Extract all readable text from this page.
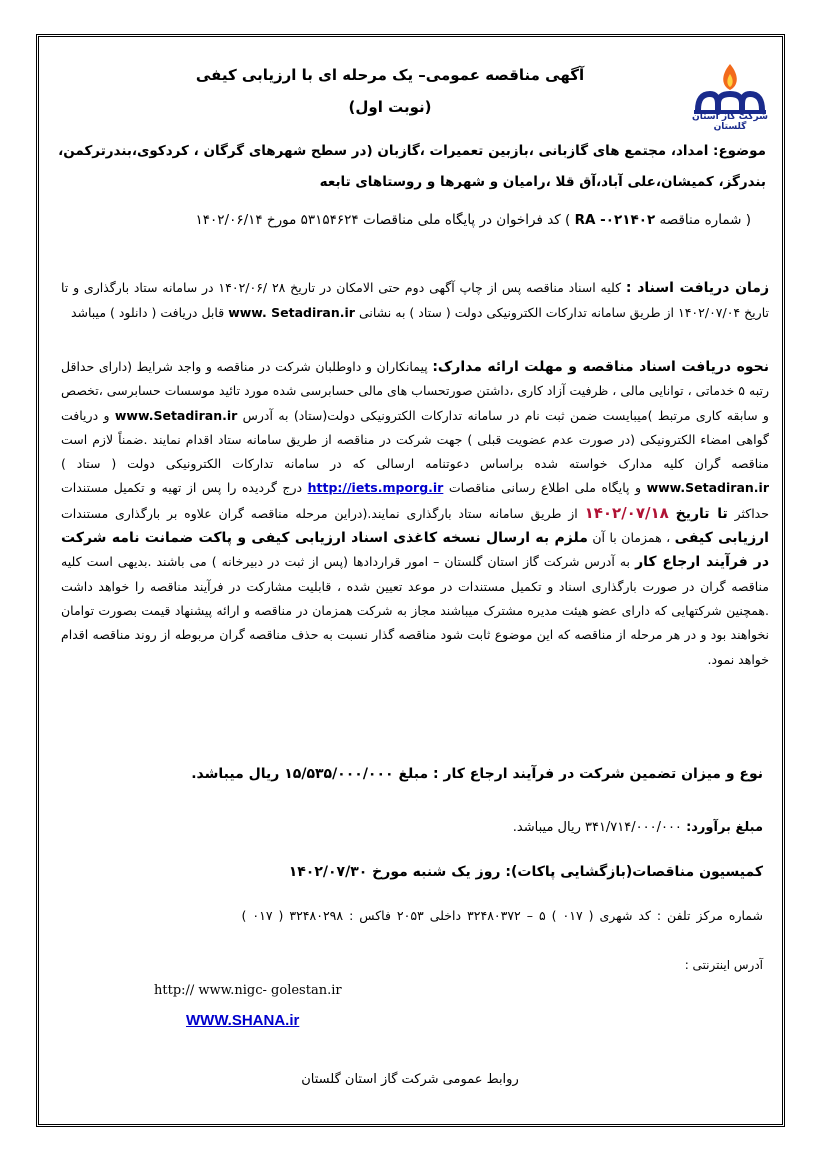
شرکت گاز استان گلستان
آگهی مناقصه عمومی– یک مرحله ای با ارزیابی کیفی
(نوبت اول)
موضوع: امداد، مجتمع های گازبانی ،بازبین تعمیرات ،گازبان (در سطح شهرهای گرگان ، کردکوی،بندرترکمن، بندرگز، کمیشان،علی آباد،آق قلا ،رامیان و شهرها و روستاهای تابعه
( شماره مناقصه RA -۰۲۱۴۰۲ ) کد فراخوان در پایگاه ملی مناقصات ۵۳۱۵۴۶۲۴ مورخ ۱۴۰۲/۰۶/۱۴
زمان دریافت اسناد : کلیه اسناد مناقصه پس از چاپ آگهی دوم حتی الامکان در تاریخ ۲۸ /۱۴۰۲/۰۶ در سامانه ستاد بارگذاری و تا تاریخ ۱۴۰۲/۰۷/۰۴ از طریق سامانه تدارکات الکترونیکی دولت ( ستاد ) به نشانی www. Setadiran.ir قابل دریافت ( دانلود ) میباشد
نحوه دریافت اسناد مناقصه و مهلت ارائه مدارک: پیمانکاران و داوطلبان شرکت در مناقصه و واجد شرایط (دارای حداقل رتبه ۵ خدماتی ، توانایی مالی ، ظرفیت آزاد کاری ،داشتن صورتحساب های مالی حسابرسی شده مورد تائید موسسات حسابرسی ،تخصص و سابقه کاری مرتبط )میبایست ضمن ثبت نام در سامانه تدارکات الکترونیکی دولت(ستاد) به آدرس www.Setadiran.ir و دریافت گواهی امضاء الکترونیکی (در صورت عدم عضویت قبلی ) جهت شرکت در مناقصه از طریق سامانه ستاد اقدام نمایند .ضمناً لازم است مناقصه گران کلیه مدارک خواسته شده براساس دعوتنامه ارسالی که در سامانه تدارکات الکترونیکی دولت ( ستاد ) www.Setadiran.ir و پایگاه ملی اطلاع رسانی مناقصات http://iets.mporg.ir درج گردیده را پس از تهیه و تکمیل مستندات حداکثر تا تاریخ ۱۴۰۲/۰۷/۱۸ از طریق سامانه ستاد بارگذاری نمایند.(دراین مرحله مناقصه گران علاوه بر بارگذاری مستندات ارزیابی کیفی ، همزمان با آن ملزم به ارسال نسخه کاغذی اسناد ارزیابی کیفی و پاکت ضمانت نامه شرکت در فرآیند ارجاع کار به آدرس شرکت گاز استان گلستان – امور قراردادها (پس از ثبت در دبیرخانه ) می باشند .بدیهی است کلیه مناقصه گران در صورت بارگذاری اسناد و تکمیل مستندات در موعد تعیین شده ، قابلیت مشارکت در فرآیند مناقصه را خواهد داشت .همچنین شرکتهایی که دارای عضو هیئت مدیره مشترک میباشند مجاز به شرکت همزمان در مناقصه و ارائه پیشنهاد قیمت بصورت توامان نخواهند بود و در هر مرحله از مناقصه که این موضوع ثابت شود مناقصه گذار نسبت به حذف مناقصه گران مربوطه از روند مناقصه اقدام خواهد نمود.
نوع و میزان تضمین شرکت در فرآیند ارجاع کار : مبلغ ۱۵/۵۳۵/۰۰۰/۰۰۰ ریال میباشد.
مبلغ برآورد: ۳۴۱/۷۱۴/۰۰۰/۰۰۰ ریال میباشد.
کمیسیون مناقصات(بازگشایی پاکات): روز یک شنبه مورخ ۱۴۰۲/۰۷/۳۰
شماره مرکز تلفن : کد شهری ( ۰۱۷ ) ۵ – ۳۲۴۸۰۳۷۲ داخلی ۲۰۵۳ فاکس : ۳۲۴۸۰۲۹۸ ( ۰۱۷ )
آدرس اینترنتی :
http:// www.nigc- golestan.ir
WWW.SHANA.ir
روابط عمومی شرکت گاز استان گلستان
